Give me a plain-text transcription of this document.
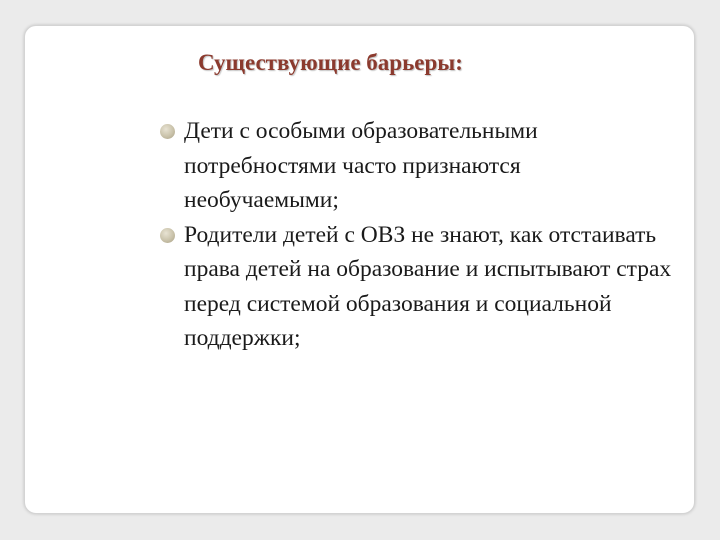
Существующие барьеры:
Дети с особыми образовательными потребностями часто признаются необучаемыми;
Родители детей с ОВЗ не знают, как отстаивать права детей на образование и испытывают страх перед системой образования и социальной поддержки;
